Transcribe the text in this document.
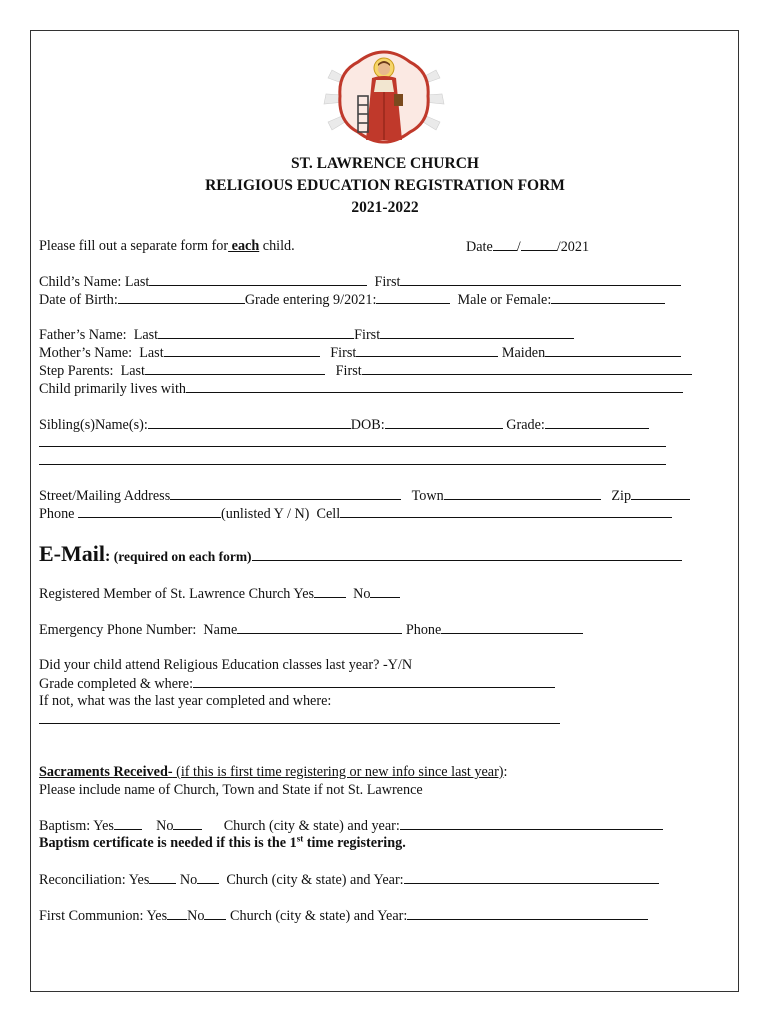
ST. LAWRENCE CHURCH
RELIGIOUS EDUCATION REGISTRATION FORM
2021-2022
Please fill out a separate form for each child.	Date /	/2021
Child’s Name: Last	First
Date of Birth:	Grade entering 9/2021:	Male or Female:
Father’s Name:  Last	First
Mother’s Name:  Last	First	Maiden
Step Parents:  Last	First
Child primarily lives with
Sibling(s)Name(s):	DOB:	Grade:
Street/Mailing Address	Town	Zip
Phone	(unlisted Y / N) Cell
E-Mail: (required on each form)
Registered Member of St. Lawrence Church Yes	No
Emergency Phone Number:  Name	Phone
Did your child attend Religious Education classes last year? -Y/N
Grade completed & where:
If not, what was the last year completed and where:
Sacraments Received- (if this is first time registering or new info since last year):
Please include name of Church, Town and State if not St. Lawrence
Baptism: Yes	No	Church (city & state) and year:
Baptism certificate is needed if this is the 1st time registering.
Reconciliation: Yes No Church (city & state) and Year:
First Communion: Yes No Church (city & state) and Year:
